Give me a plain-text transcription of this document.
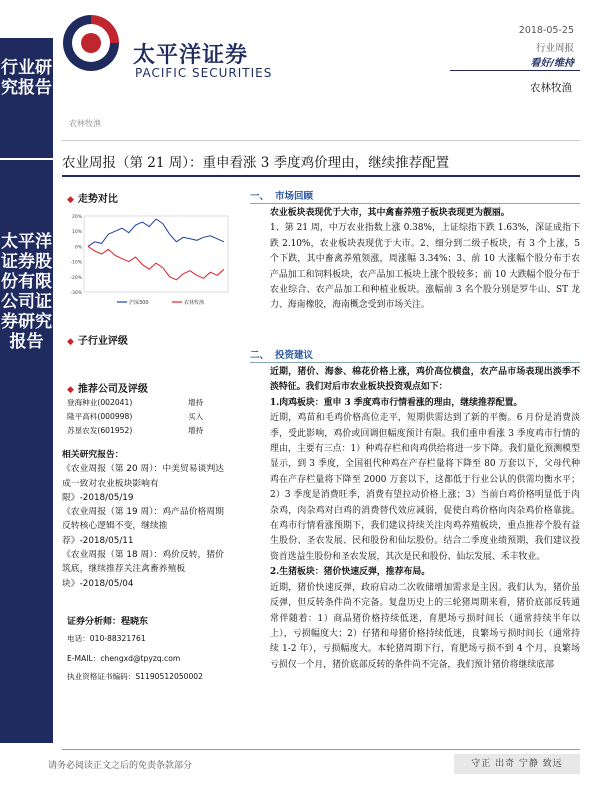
行业研究报告
太平洋证券股份有限公司证券研究报告
太平洋证券
PACIFIC SECURITIES
2018-05-25
行业周报
看好/维持
农林牧渔
农林牧渔
农业周报（第 21 周）：重申看涨 3 季度鸡价理由，继续推荐配置
◆ 走势对比
20%
10%
0%
-10%
-20%
-30%
沪深300	农林牧渔
◆ 子行业评级
◆ 推荐公司及评级
登海种业(002041)	增持
隆平高科(000998)	买入
苏垦农发(601952)	增持
相关研究报告：
《农业周报（第 20 周）：中美贸易谈判达成一致对农业板块影响有限》-2018/05/19
《农业周报（第 19 周）：鸡产品价格周期反转核心逻辑不变，继续推荐》-2018/05/11
《农业周报（第 18 周）：鸡价反转，猪价筑底，继续推荐关注禽畜养殖板块》-2018/05/04
证券分析师：程晓东
电话：010-88321761
E-MAIL：chengxd@tpyzq.com
执业资格证书编码：S1190512050002
一、 市场回顾
农业板块表现优于大市，其中禽畜养殖子板块表现更为靓丽。
1、第 21 周，中万农业指数上涨 0.38%，上证综指下跌 1.63%，深证成指下跌 2.10%，农业板块表现优于大市。2、细分到二级子板块，有 3 个上涨，5 个下跌，其中畜禽养殖领涨，周涨幅 3.34%；3、前 10 大涨幅个股分布于农产品加工和饲料板块，农产品加工板块上涨个股较多；前 10 大跌幅个股分布于农业综合、农产品加工和种植业板块。涨幅前 3 名个股分别是罗牛山、ST 龙力、海南橡胶，海南概念受到市场关注。
二、 投资建议
近期，猪价、海参、棉花价格上涨，鸡价高位横盘，农产品市场表现出淡季不淡特征。我们对后市农业板块投资观点如下：
1.肉鸡板块：重申 3 季度鸡市行情看涨的理由，继续推荐配置。
近期，鸡苗和毛鸡价格高位走平，短期供需达到了新的平衡。6 月份是消费淡季，受此影响，鸡价或回调但幅度预计有限。我们重申看涨 3 季度鸡市行情的理由，主要有三点：1）种鸡存栏和肉鸡供给将进一步下降。我们量化预测模型显示，到 3 季度，全国祖代种鸡在产存栏量将下降至 80 万套以下，父母代种鸡在产存栏量将下降至 2000 万套以下，这都低于行业公认的供需均衡水平；2）3 季度是消费旺季，消费有望拉动价格上涨；3）当前白鸡价格明显低于肉杂鸡，肉杂鸡对白鸡的消费替代效应减弱，促使白鸡价格向肉杂鸡价格靠拢。在鸡市行情看涨预期下，我们建议持续关注肉鸡养殖板块，重点推荐个股有益生股份、圣农发展、民和股份和仙坛股份。结合二季度业绩预期，我们建议投资首选益生股份和圣农发展，其次是民和股份、仙坛发展、禾丰牧业。
2.生猪板块：猪价快速反弹，推荐布局。
近期，猪价快速反弹，政府启动二次收储增加需求是主因。我们认为，猪价虽反弹，但反转条件尚不完备。复盘历史上的三轮猪周期来看，猪价底部反转通常伴随着：1）商品猪价格持续低迷，育肥场亏损时间长（通常持续半年以上），亏损幅度大；2）仔猪和母猪价格持续低迷，良繁场亏损时间长（通常持续 1-2 年），亏损幅度大。本轮猪周期下行，育肥场亏损不到 4 个月，良繁场亏损仅一个月，猪价底部反转的条件尚不完备，我们预计猪价将继续底部
请务必阅读正文之后的免责条款部分	守正 出奇 宁静 致远
